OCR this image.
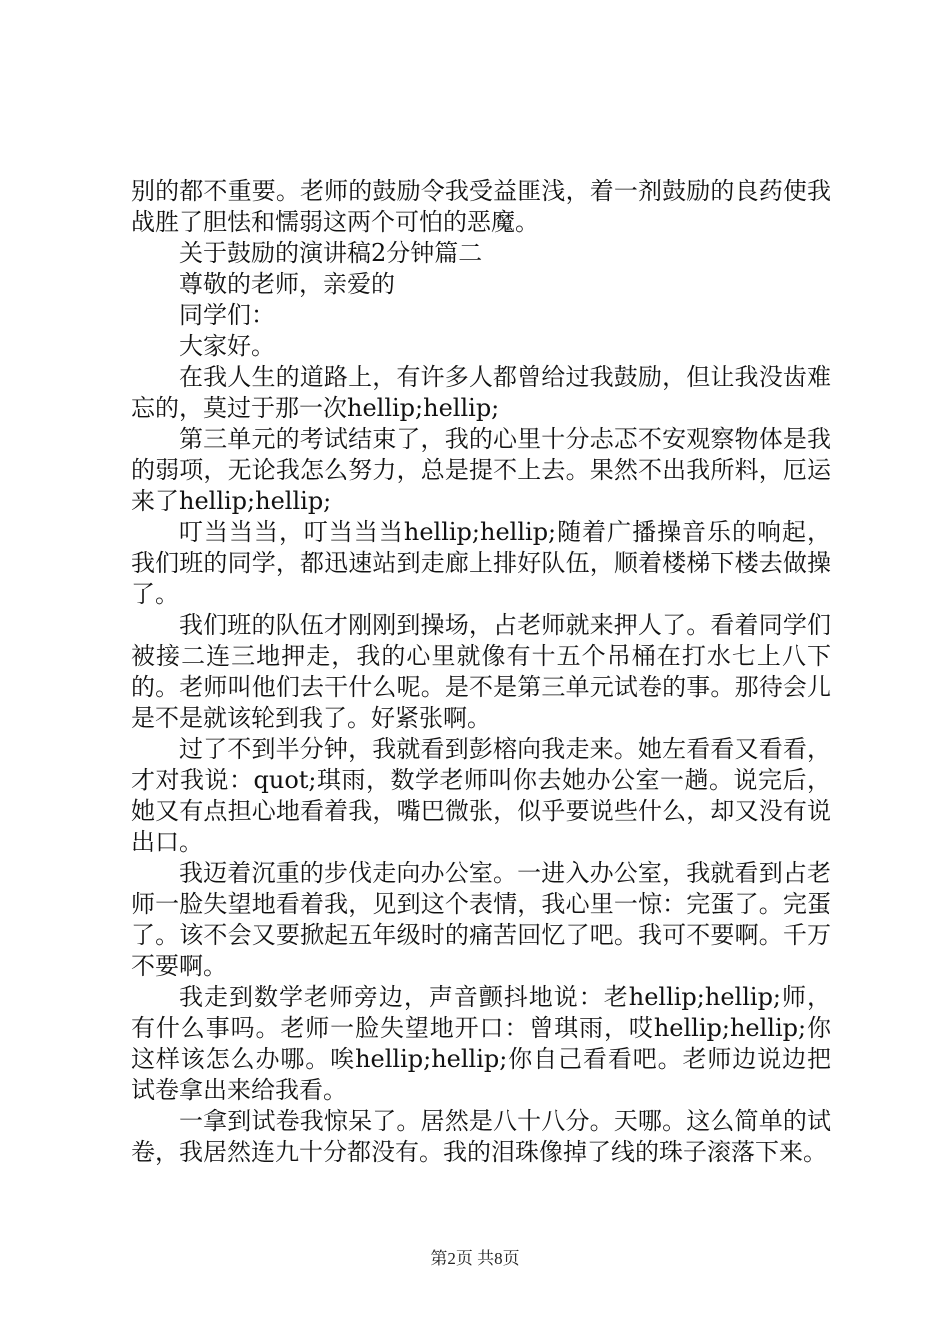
别的都不重要。老师的鼓励令我受益匪浅，着一剂鼓励的良药使我战胜了胆怯和懦弱这两个可怕的恶魔。

关于鼓励的演讲稿2分钟篇二

尊敬的老师，亲爱的

同学们：

大家好。

在我人生的道路上，有许多人都曾给过我鼓励，但让我没齿难忘的，莫过于那一次hellip;hellip;

第三单元的考试结束了，我的心里十分忐忑不安观察物体是我的弱项，无论我怎么努力，总是提不上去。果然不出我所料，厄运来了hellip;hellip;

叮当当当，叮当当当hellip;hellip;随着广播操音乐的响起，我们班的同学，都迅速站到走廊上排好队伍，顺着楼梯下楼去做操了。

我们班的队伍才刚刚到操场，占老师就来押人了。看着同学们被接二连三地押走，我的心里就像有十五个吊桶在打水七上八下的。老师叫他们去干什么呢。是不是第三单元试卷的事。那待会儿是不是就该轮到我了。好紧张啊。

过了不到半分钟，我就看到彭榕向我走来。她左看看又看看，才对我说：quot;琪雨，数学老师叫你去她办公室一趟。说完后，她又有点担心地看着我，嘴巴微张，似乎要说些什么，却又没有说出口。

我迈着沉重的步伐走向办公室。一进入办公室，我就看到占老师一脸失望地看着我，见到这个表情，我心里一惊：完蛋了。完蛋了。该不会又要掀起五年级时的痛苦回忆了吧。我可不要啊。千万不要啊。

我走到数学老师旁边，声音颤抖地说：老hellip;hellip;师，有什么事吗。老师一脸失望地开口：曾琪雨，哎hellip;hellip;你这样该怎么办哪。唉hellip;hellip;你自己看看吧。老师边说边把试卷拿出来给我看。

一拿到试卷我惊呆了。居然是八十八分。天哪。这么简单的试卷，我居然连九十分都没有。我的泪珠像掉了线的珠子滚落下来。

第2页 共8页
